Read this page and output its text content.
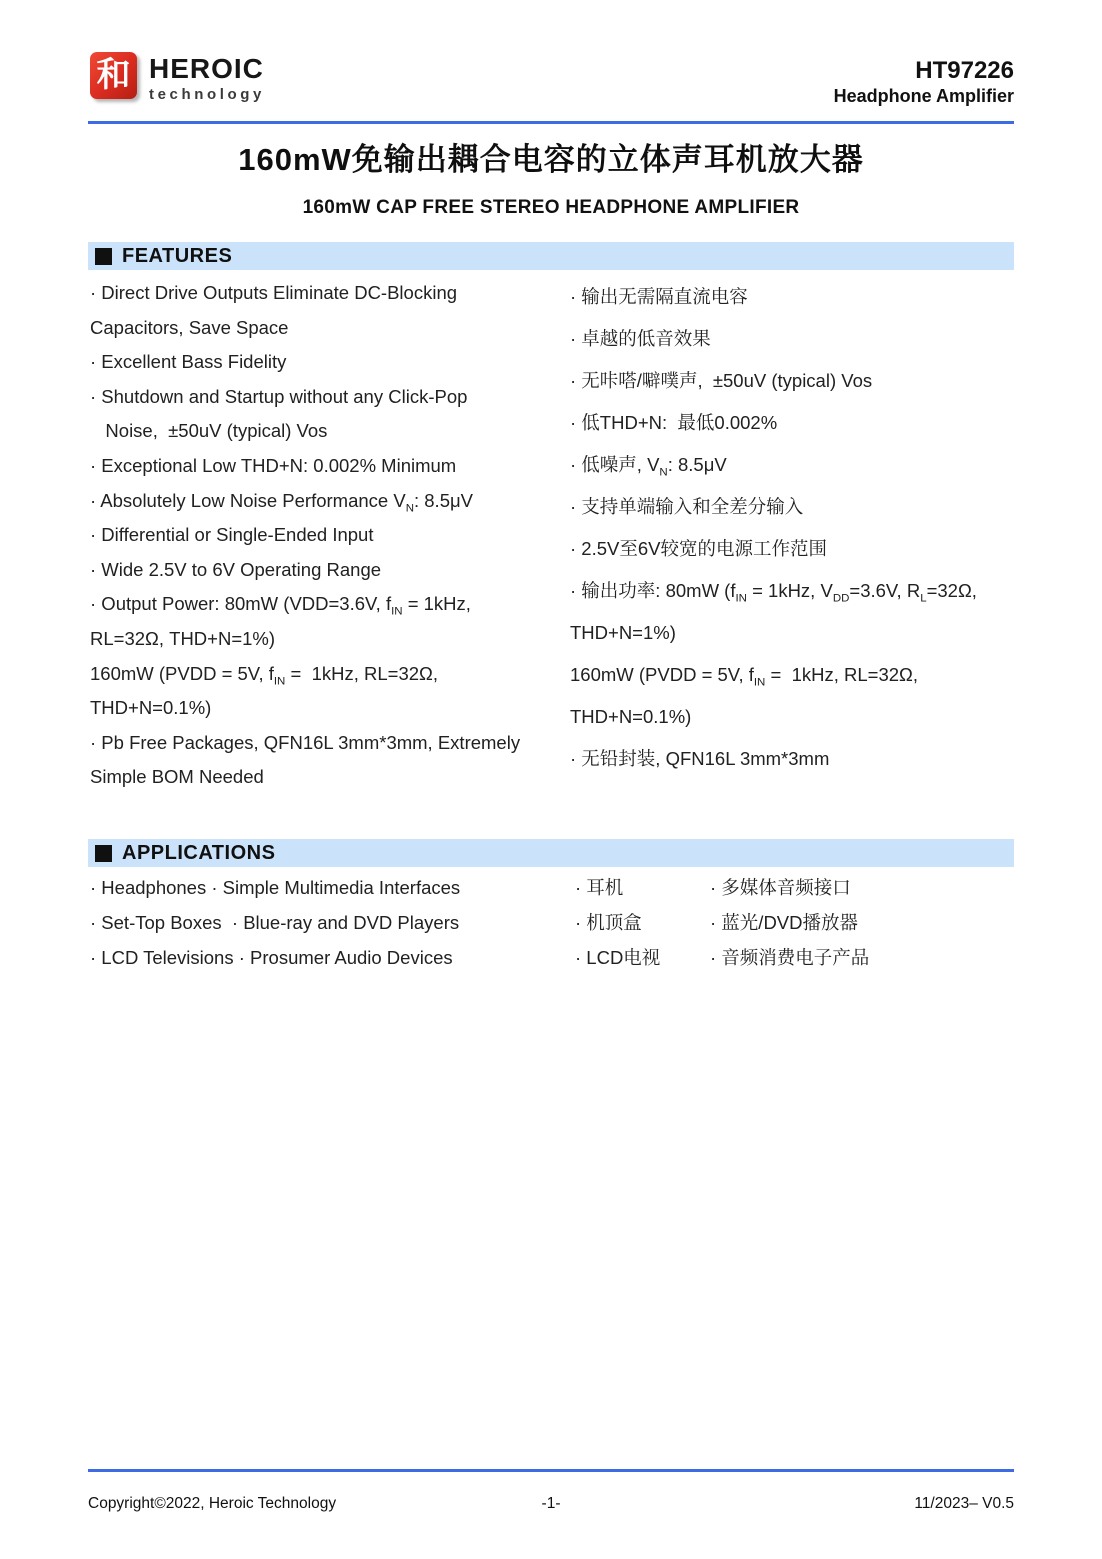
和 HEROIC
technology
HT97226
Headphone Amplifier
160mW免输出耦合电容的立体声耳机放大器
160mW CAP FREE STEREO HEADPHONE AMPLIFIER
FEATURES
· Direct Drive Outputs Eliminate DC-Blocking
Capacitors, Save Space
· Excellent Bass Fidelity
· Shutdown and Startup without any Click-Pop
Noise,  ±50uV (typical) Vos
· Exceptional Low THD+N: 0.002% Minimum
· Absolutely Low Noise Performance $V_N$: 8.5μV
· Differential or Single-Ended Input
· Wide 2.5V to 6V Operating Range
· Output Power: 80mW (VDD=3.6V, $f_{IN} = 1kHz$,
RL=32Ω, THD+N=1%)
160mW (PVDD = 5V, $f_{IN} = 1kHz$, RL=32Ω,
THD+N=0.1%)
· Pb Free Packages, QFN16L 3mm*3mm, Extremely
Simple BOM Needed
· 输出无需隔直流电容
· 卓越的低音效果
· 无咔嗒/噼噗声,  ±50uV (typical) Vos
· 低THD+N:  最低0.002%
· 低噪声, $V_N$: 8.5μV
· 支持单端输入和全差分输入
· 2.5V至6V较宽的电源工作范围
· 输出功率: 80mW ($f_{IN} = 1kHz$, $V_{DD}=3.6V$, $R_L=32\Omega$,
THD+N=1%)
160mW (PVDD = 5V, $f_{IN} = 1kHz$, RL=32Ω,
THD+N=0.1%)
· 无铅封装, QFN16L 3mm*3mm
APPLICATIONS
· Headphones · Simple Multimedia Interfaces
· Set-Top Boxes  · Blue-ray and DVD Players
· LCD Televisions · Prosumer Audio Devices
· 耳机
· 机顶盒
· LCD电视
· 多媒体音频接口
· 蓝光/DVD播放器
· 音频消费电子产品
Copyright©2022, Heroic Technology	-1-	11/2023– V0.5
